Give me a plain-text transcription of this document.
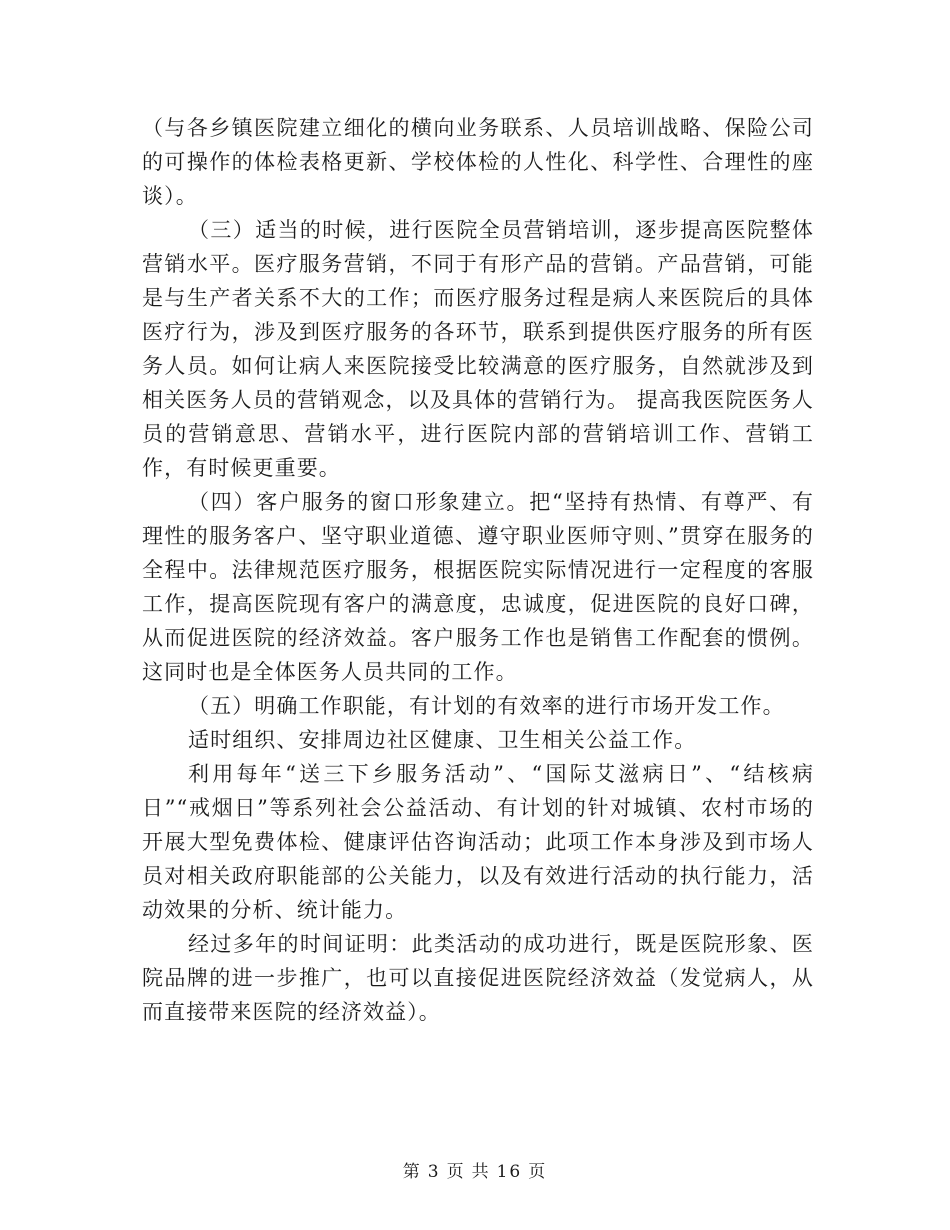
（与各乡镇医院建立细化的横向业务联系、人员培训战略、保险公司的可操作的体检表格更新、学校体检的人性化、科学性、合理性的座谈）。

（三）适当的时候，进行医院全员营销培训，逐步提高医院整体营销水平。医疗服务营销，不同于有形产品的营销。产品营销，可能是与生产者关系不大的工作；而医疗服务过程是病人来医院后的具体医疗行为，涉及到医疗服务的各环节，联系到提供医疗服务的所有医务人员。如何让病人来医院接受比较满意的医疗服务，自然就涉及到相关医务人员的营销观念，以及具体的营销行为。 提高我医院医务人员的营销意思、营销水平，进行医院内部的营销培训工作、营销工作，有时候更重要。

（四）客户服务的窗口形象建立。把“坚持有热情、有尊严、有理性的服务客户、坚守职业道德、遵守职业医师守则、”贯穿在服务的全程中。法律规范医疗服务，根据医院实际情况进行一定程度的客服工作，提高医院现有客户的满意度，忠诚度，促进医院的良好口碑，从而促进医院的经济效益。客户服务工作也是销售工作配套的惯例。这同时也是全体医务人员共同的工作。

（五）明确工作职能，有计划的有效率的进行市场开发工作。

适时组织、安排周边社区健康、卫生相关公益工作。

利用每年“送三下乡服务活动”、“国际艾滋病日”、“结核病日”“戒烟日”等系列社会公益活动、有计划的针对城镇、农村市场的开展大型免费体检、健康评估咨询活动；此项工作本身涉及到市场人员对相关政府职能部的公关能力，以及有效进行活动的执行能力，活动效果的分析、统计能力。

经过多年的时间证明：此类活动的成功进行，既是医院形象、医院品牌的进一步推广，也可以直接促进医院经济效益（发觉病人，从而直接带来医院的经济效益）。

第 3 页 共 16 页
